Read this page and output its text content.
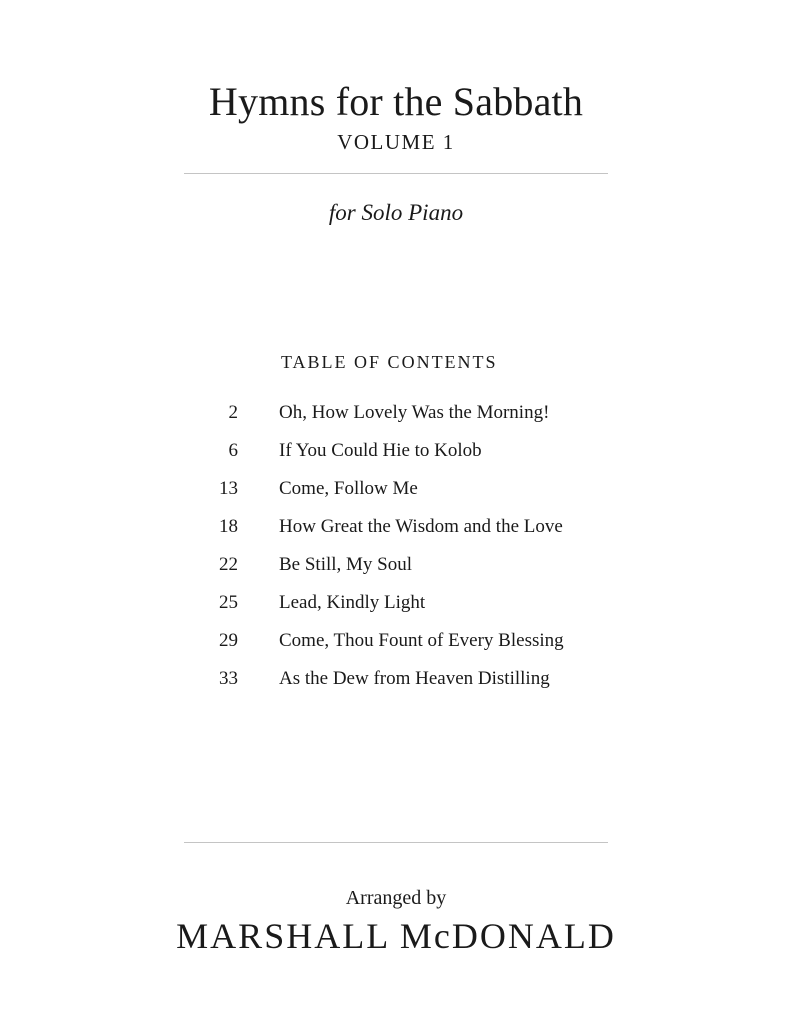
Hymns for the Sabbath
VOLUME 1
for Solo Piano
TABLE OF CONTENTS
2 Oh, How Lovely Was the Morning!
6 If You Could Hie to Kolob
13 Come, Follow Me
18 How Great the Wisdom and the Love
22 Be Still, My Soul
25 Lead, Kindly Light
29 Come, Thou Fount of Every Blessing
33 As the Dew from Heaven Distilling
Arranged by
MARSHALL McDONALD
